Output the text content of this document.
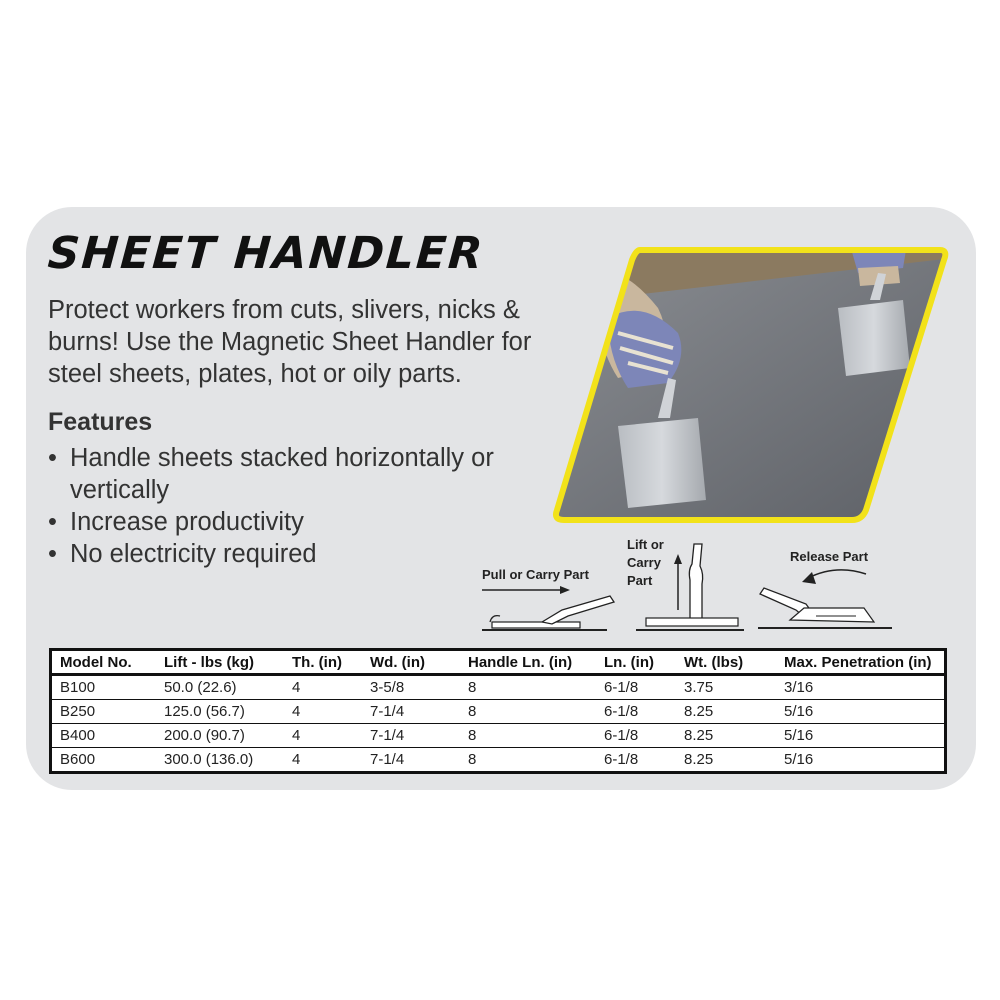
SHEET HANDLER

Protect workers from cuts, slivers, nicks & burns! Use the Magnetic Sheet Handler for steel sheets, plates, hot or oily parts.

Features
• Handle sheets stacked horizontally or vertically
• Increase productivity
• No electricity required
Pull or Carry Part
Lift or
Carry
Part
Release Part
Model No.	Lift - lbs (kg)	Th. (in)	Wd. (in)	Handle Ln. (in)	Ln. (in)	Wt. (lbs)	Max. Penetration (in)
B100	50.0 (22.6)	4	3-5/8	8	6-1/8	3.75	3/16
B250	125.0 (56.7)	4	7-1/4	8	6-1/8	8.25	5/16
B400	200.0 (90.7)	4	7-1/4	8	6-1/8	8.25	5/16
B600	300.0 (136.0)	4	7-1/4	8	6-1/8	8.25	5/16
